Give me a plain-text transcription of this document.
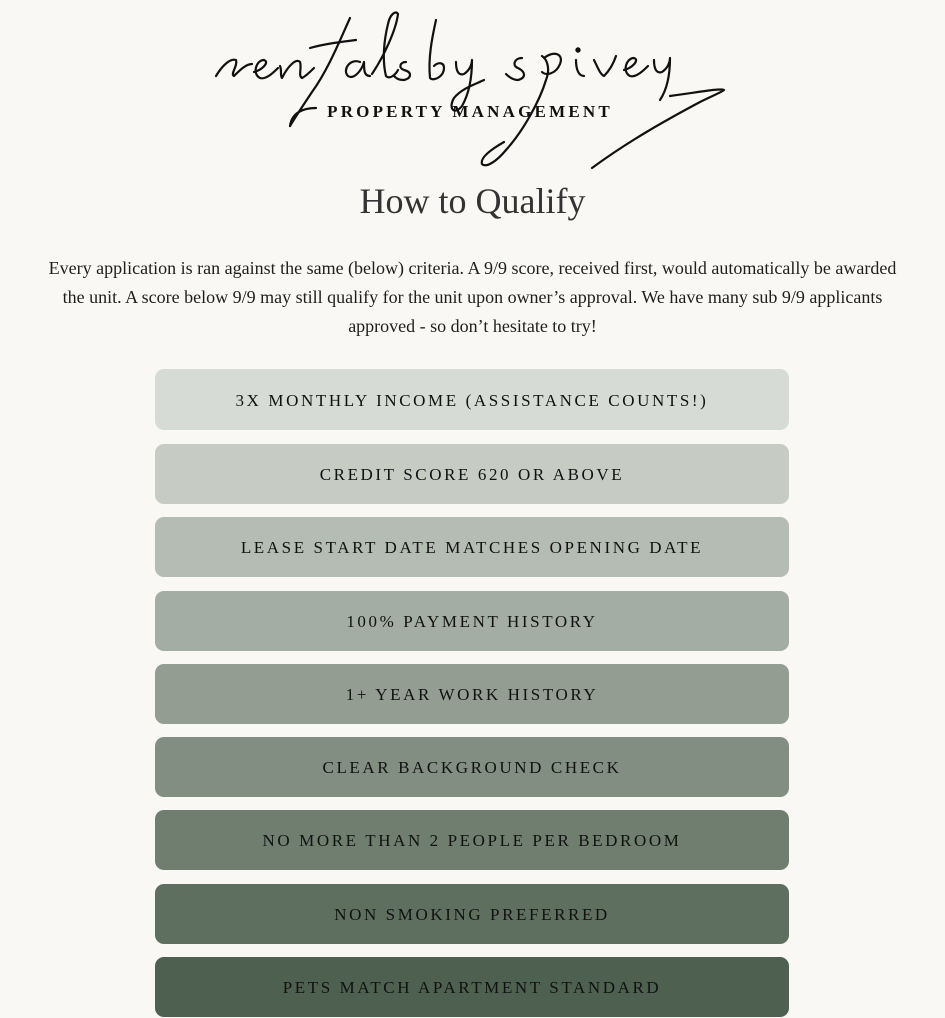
PROPERTY MANAGEMENT
How to Qualify

Every application is ran against the same (below) criteria. A 9/9 score, received first, would automatically be awarded
the unit. A score below 9/9 may still qualify for the unit upon owner’s approval. We have many sub 9/9 applicants
approved - so don’t hesitate to try!

3X MONTHLY INCOME (ASSISTANCE COUNTS!)
CREDIT SCORE 620 OR ABOVE
LEASE START DATE MATCHES OPENING DATE
100% PAYMENT HISTORY
1+ YEAR WORK HISTORY
CLEAR BACKGROUND CHECK
NO MORE THAN 2 PEOPLE PER BEDROOM
NON SMOKING PREFERRED
PETS MATCH APARTMENT STANDARD
